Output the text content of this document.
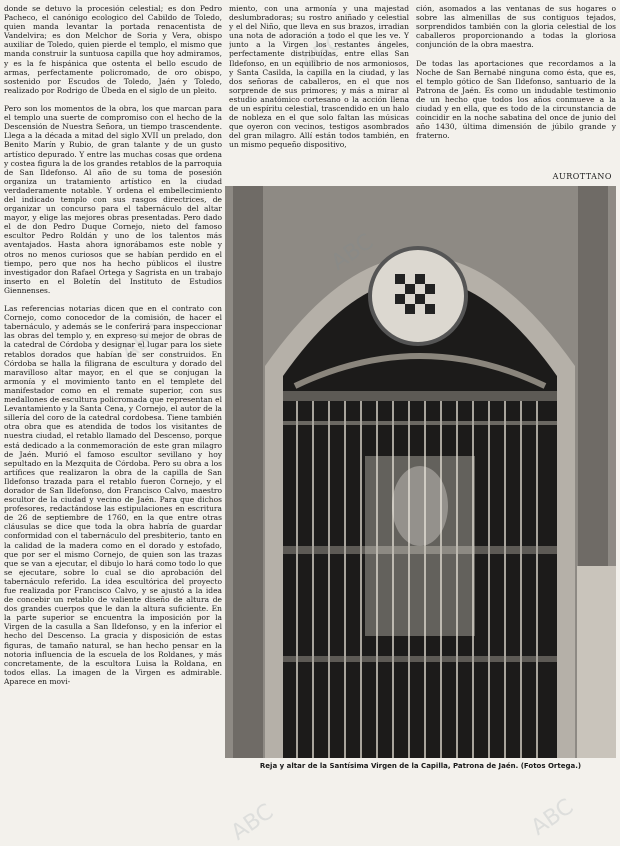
donde se detuvo la procesión celestial; es don Pedro Pacheco, el canónigo ecologico del Cabildo de Toledo, quien manda levantar la portada renacentista de Vandelvira; es don Melchor de Soria y Vera, obispo auxiliar de Toledo, quien pierde el templo, el mismo que manda construir la suntuosa capilla que hoy admiramos, y es la fe hispánica que ostenta el bello escudo de armas, perfectamente policromado, de oro obispo, sostenido por Escudos de Toledo, Jaén y Toledo, realizado por Rodrigo de Úbeda en el siglo de un pleito.

Pero son los momentos de la obra, los que marcan para el templo una suerte de compromiso con el hecho de la Descensión de Nuestra Señora, un tiempo trascendente. Llega a la década a mitad del siglo XVII un prelado, don Benito Marín y Rubio, de gran talante y de un gusto artístico depurado. Y entre las muchas cosas que ordena y costea figura la de los grandes retablos de la parroquia de San Ildefonso. Al año de su toma de posesión organiza un tratamiento artístico en la ciudad verdaderamente notable. Y ordena el embellecimiento del indicado templo con sus rasgos directrices, de organizar un concurso para el tabernáculo del altar mayor, y elige las mejores obras presentadas. Pero dado el de don Pedro Duque Cornejo, nieto del famoso escultor Pedro Roldán y uno de los talentos más aventajados. Hasta ahora ignorábamos este noble y otros no menos curiosos que se habían perdido en el tiempo, pero que nos ha hecho públicos el ilustre investigador don Rafael Ortega y Sagrista en un trabajo inserto en el Boletín del Instituto de Estudios Giennenses.

Las referencias notarias dicen que en el contrato con Cornejo, como conocedor de la comisión, de hacer el tabernáculo, y además se le conferirá para inspeccionar las obras del templo y, en expreso su mejor de obras de la catedral de Córdoba y designar el lugar para los siete retablos dorados que habían de ser construidos. En Córdoba se halla la filigrana de escultura y dorado del maravilloso altar mayor, en el que se conjugan la armonía y el movimiento tanto en el templete del manifestador como en el remate superior, con sus medallones de escultura policromada que representan el Levantamiento y la Santa Cena, y Cornejo, el autor de la sillería del coro de la catedral cordobesa. Tiene también otra obra que es atendida de todos los visitantes de nuestra ciudad, el retablo llamado del Descenso, porque está dedicado a la conmemoración de este gran milagro de Jaén. Murió el famoso escultor sevillano y hoy sepultado en la Mezquita de Córdoba. Pero su obra a los artífices que realizaron la obra de la capilla de San Ildefonso trazada para el retablo fueron Cornejo, y el dorador de San Ildefonso, don Francisco Calvo, maestro escultor de la ciudad y vecino de Jaén. Para que dichos profesores, redactándose las estipulaciones en escritura de 26 de septiembre de 1760, en la que entre otras cláusulas se dice que toda la obra habría de guardar conformidad con el tabernáculo del presbiterio, tanto en la calidad de la madera como en el dorado y estofado, que por ser el mismo Cornejo, de quien son las trazas que se van a ejecutar, el dibujo lo hará como todo lo que se ejecutare, sobre lo cual se dio aprobación del tabernáculo referido. La idea escultórica del proyecto fue realizada por Francisco Calvo, y se ajustó a la idea de concebir un retablo de valiente diseño de altura de dos grandes cuerpos que le dan la altura suficiente. En la parte superior se encuentra la imposición por la Virgen de la casulla a San Ildefonso, y en la inferior el hecho del Descenso. La gracia y disposición de estas figuras, de tamaño natural, se han hecho pensar en la notoria influencia de la escuela de los Roldanes, y más concretamente, de la escultora Luisa la Roldana, en todos ellas. La imagen de la Virgen es admirable. Aparece en movi-
miento, con una armonía y una majestad deslumbradoras; su rostro aniñado y celestial y el del Niño, que lleva en sus brazos, irradian una nota de adoración a todo el que les ve. Y junto a la Virgen los restantes ángeles, perfectamente distribuidas, entre ellas San Ildefonso, en un equilibrio de nos armoniosos, y Santa Casilda, la capilla en la ciudad, y las dos señoras de caballeros, en el que nos sorprende de sus primores; y más a mirar al estudio anatómico cortesano o la acción llena de un espíritu celestial, trascendido en un halo de nobleza en el que solo faltan las músicas que oyeron con vecinos, testigos asombrados del gran milagro. Allí están todos también, en un mismo pequeño dispositivo,
ción, asomados a las ventanas de sus hogares o sobre las almenillas de sus contiguos tejados, sorprendidos también con la gloria celestial de los caballeros proporcionando a todas la gloriosa conjunción de la obra maestra.

De todas las aportaciones que recordamos a la Noche de San Bernabé ninguna como ésta, que es, el templo gótico de San Ildefonso, santuario de la Patrona de Jaén. Es como un indudable testimonio de un hecho que todos los años conmueve a la ciudad y en ella, que es todo de la circunstancia de coincidir en la noche sabatina del once de junio del año 1430, última dimensión de júbilo grande y fraterno.
AUROTTANO
Reja y altar de la Santísima Virgen de la Capilla, Patrona de Jaén. (Fotos Ortega.)
ABC
ABC
ABC	ABC
